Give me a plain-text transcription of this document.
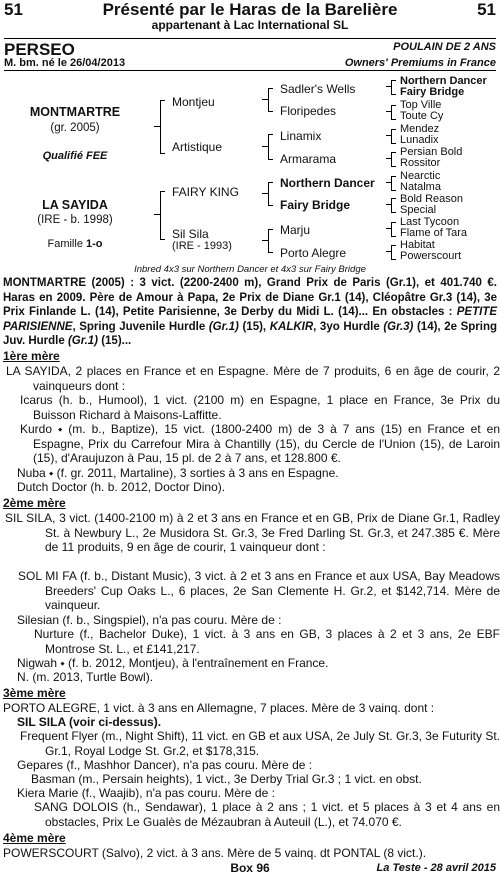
51	Présenté par le Haras de la Barelière	51
appartenant à Lac International SL
PERSEO	POULAIN DE 2 ANS
M. bm. né le 26/04/2013	Owners' Premiums in France
MONTMARTRE
(gr. 2005)
Qualifié FEE
LA SAYIDA
(IRE - b. 1998)
Famille 1-o
Montjeu
Artistique
FAIRY KING
Sil Sila
(IRE - 1993)
Sadler's Wells
Floripedes
Linamix
Armarama
Northern Dancer
Fairy Bridge
Marju
Porto Alegre
Northern Dancer
Fairy Bridge
Top Ville
Toute Cy
Mendez
Lunadix
Persian Bold
Rossitor
Nearctic
Natalma
Bold Reason
Special
Last Tycoon
Flame of Tara
Habitat
Powerscourt
Inbred 4x3 sur Northern Dancer et 4x3 sur Fairy Bridge
MONTMARTRE (2005) : 3 vict. (2200-2400 m), Grand Prix de Paris (Gr.1), et 401.740 €. Haras en 2009. Père de Amour à Papa, 2e Prix de Diane Gr.1 (14), Cléopâtre Gr.3 (14), 3e Prix Finlande L. (14), Petite Parisienne, 3e Derby du Midi L. (14)... En obstacles : PETITE PARISIENNE, Spring Juvenile Hurdle (Gr.1) (15), KALKIR, 3yo Hurdle (Gr.3) (14), 2e Spring Juv. Hurdle (Gr.1) (15)...
1ère mère
LA SAYIDA, 2 places en France et en Espagne. Mère de 7 produits, 6 en âge de courir, 2 vainqueurs dont :
Icarus (h. b., Humool), 1 vict. (2100 m) en Espagne, 1 place en France, 3e Prix du Buisson Richard à Maisons-Laffitte.
Kurdo ⬩ (m. b., Baptize), 15 vict. (1800-2400 m) de 3 à 7 ans (15) en France et en Espagne, Prix du Carrefour Mira à Chantilly (15), du Cercle de l'Union (15), de Laroin (15), d'Araujuzon à Pau, 15 pl. de 2 à 7 ans, et 128.800 €.
Nuba ⬩ (f. gr. 2011, Martaline), 3 sorties à 3 ans en Espagne.
Dutch Doctor (h. b. 2012, Doctor Dino).
2ème mère
SIL SILA, 3 vict. (1400-2100 m) à 2 et 3 ans en France et en GB, Prix de Diane Gr.1, Radley St. à Newbury L., 2e Musidora St. Gr.3, 3e Fred Darling St. Gr.3, et 247.385 €. Mère de 11 produits, 9 en âge de courir, 1 vainqueur dont :
SOL MI FA (f. b., Distant Music), 3 vict. à 2 et 3 ans en France et aux USA, Bay Meadows Breeders' Cup Oaks L., 6 places, 2e San Clemente H. Gr.2, et $142,714. Mère de vainqueur.
Silesian (f. b., Singspiel), n'a pas couru. Mère de :
Nurture (f., Bachelor Duke), 1 vict. à 3 ans en GB, 3 places à 2 et 3 ans, 2e EBF Montrose St. L., et £141,217.
Nigwah ⬩ (f. b. 2012, Montjeu), à l'entraînement en France.
N. (m. 2013, Turtle Bowl).
3ème mère
PORTO ALEGRE, 1 vict. à 3 ans en Allemagne, 7 places. Mère de 3 vainq. dont :
SIL SILA (voir ci-dessus).
Frequent Flyer (m., Night Shift), 11 vict. en GB et aux USA, 2e July St. Gr.3, 3e Futurity St. Gr.1, Royal Lodge St. Gr.2, et $178,315.
Gepares (f., Mashhor Dancer), n'a pas couru. Mère de :
Basman (m., Persain heights), 1 vict., 3e Derby Trial Gr.3 ; 1 vict. en obst.
Kiera Marie (f., Waajib), n'a pas couru. Mère de :
SANG DOLOIS (h., Sendawar), 1 place à 2 ans ; 1 vict. et 5 places à 3 et 4 ans en obstacles, Prix Le Gualès de Mézaubran à Auteuil (L.), et 74.070 €.
4ème mère
POWERSCOURT (Salvo), 2 vict. à 3 ans. Mère de 5 vainq. dt PONTAL (8 vict.).
Box 96	La Teste - 28 avril 2015
